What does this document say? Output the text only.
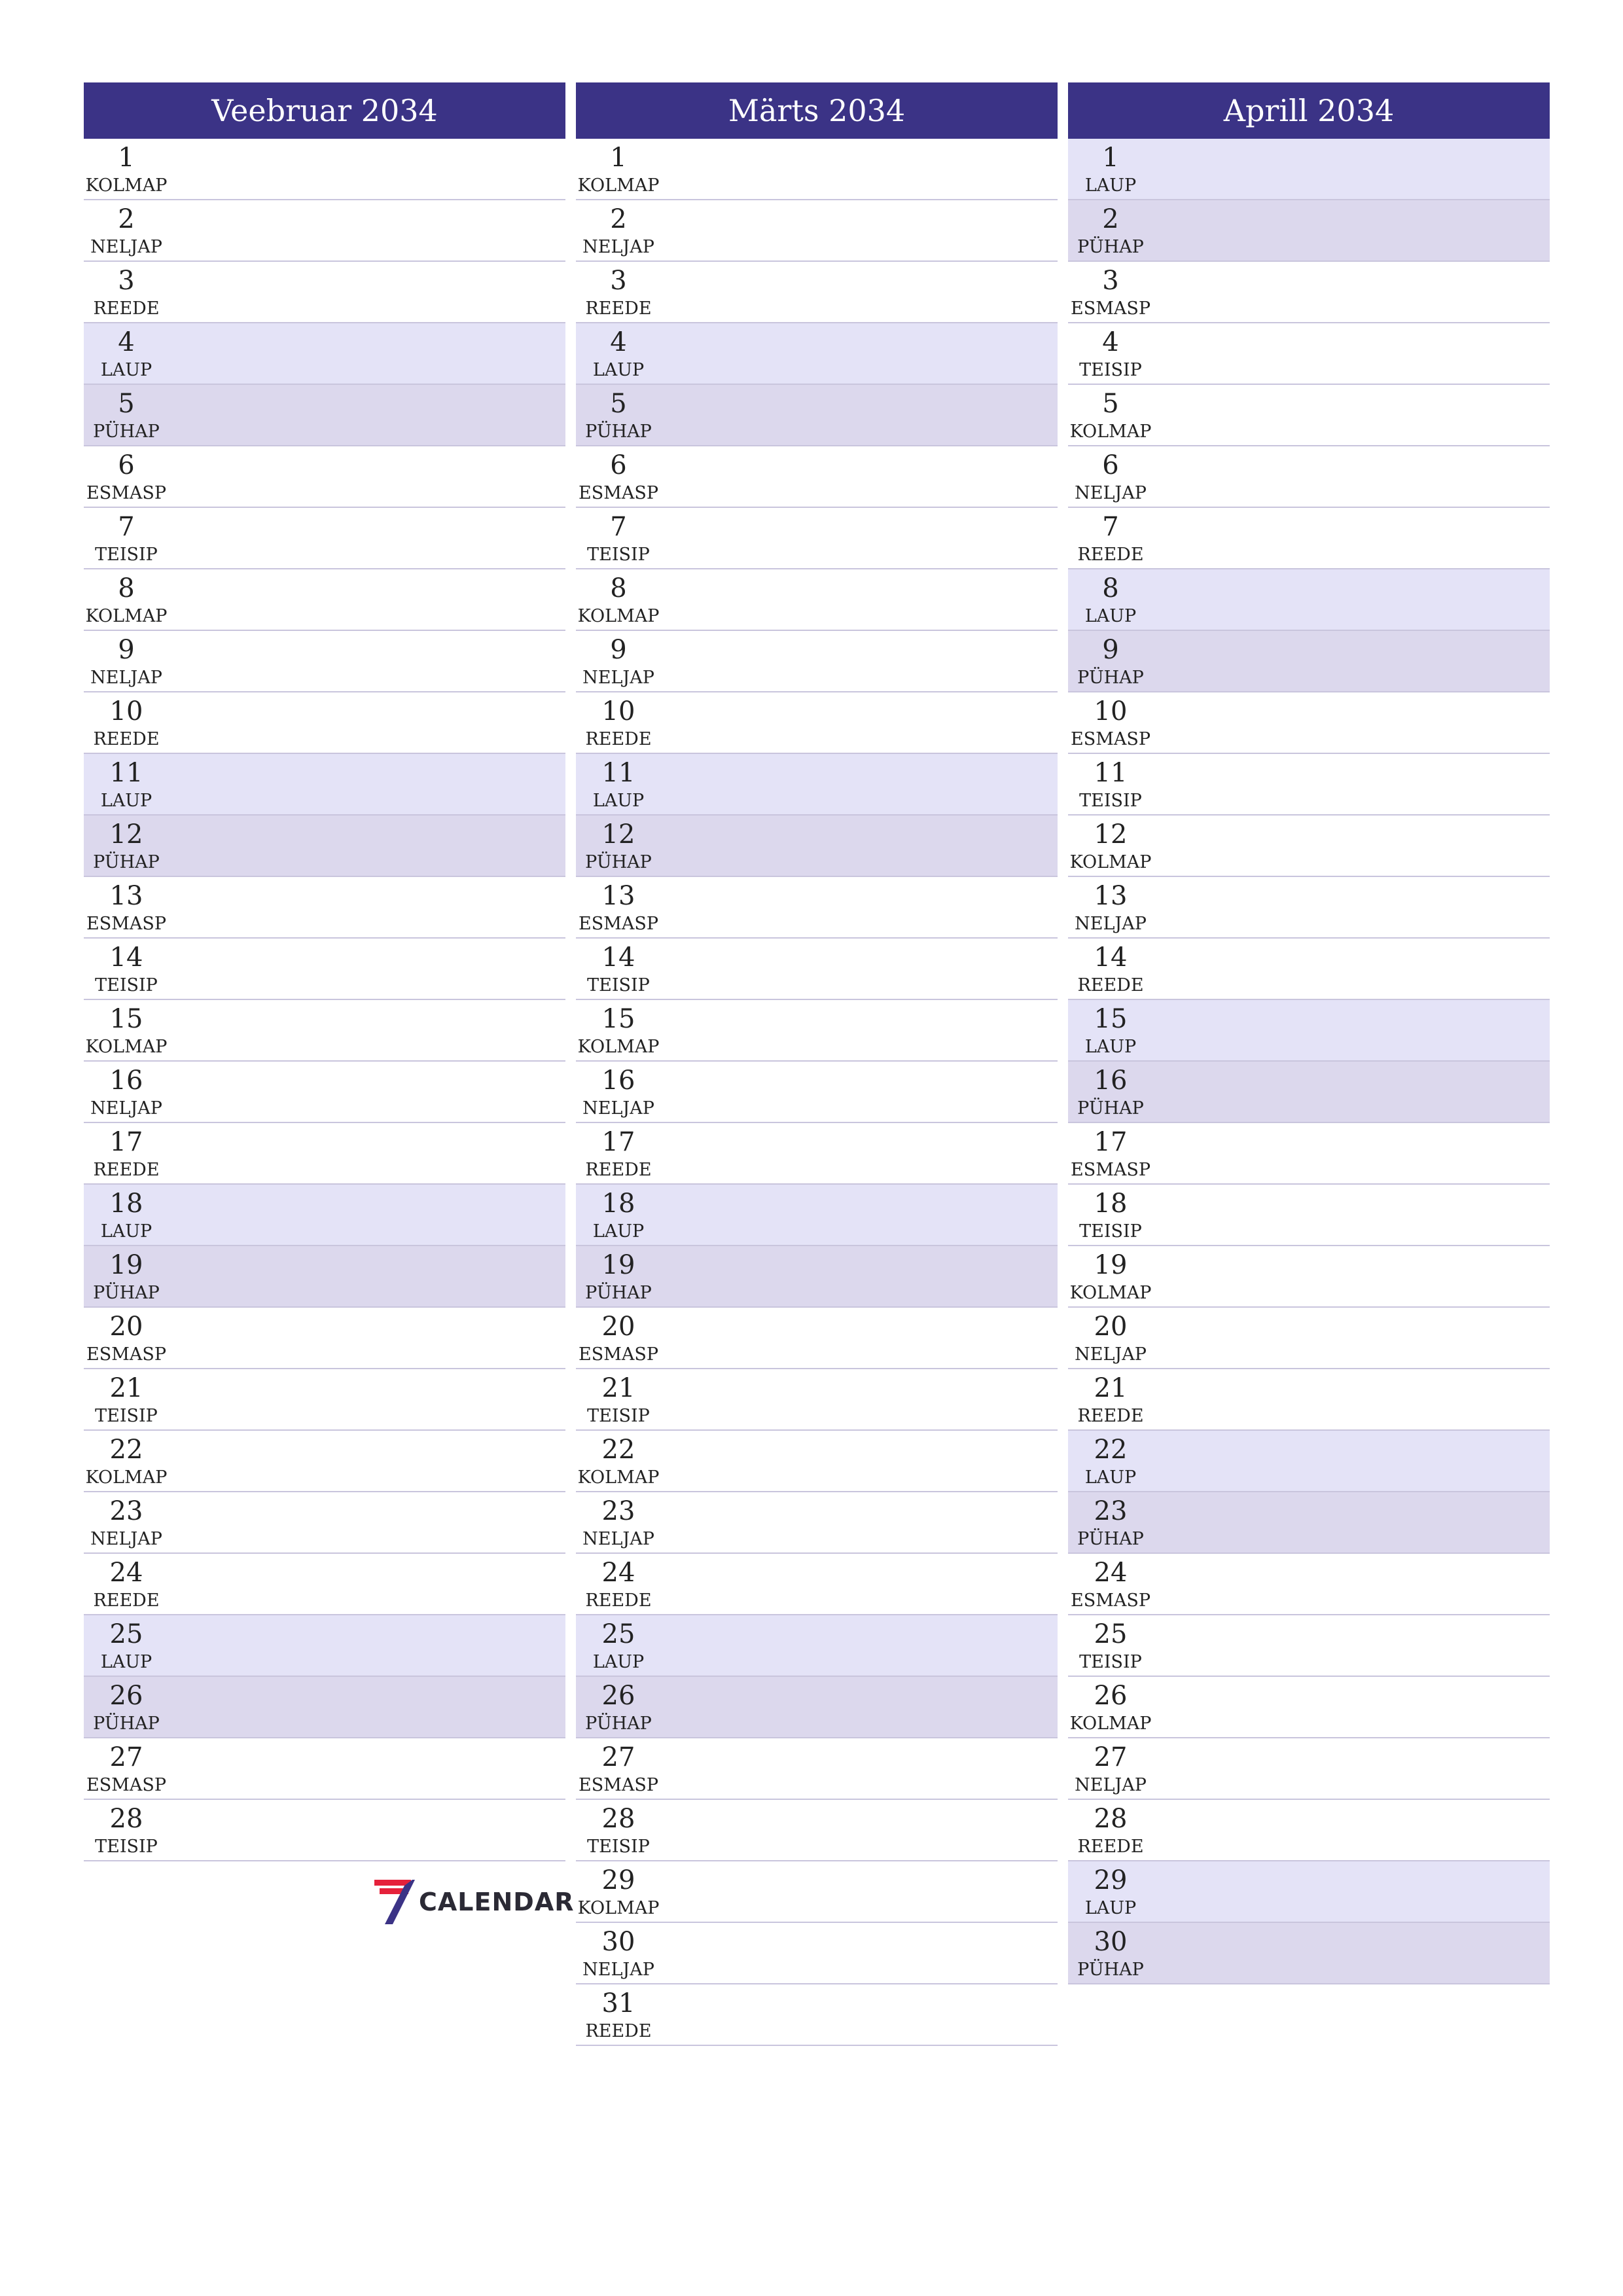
Veebruar 2034
1
KOLMAP
2
NELJAP
3
REEDE
4
LAUP
5
PÜHAP
6
ESMASP
7
TEISIP
8
KOLMAP
9
NELJAP
10
REEDE
11
LAUP
12
PÜHAP
13
ESMASP
14
TEISIP
15
KOLMAP
16
NELJAP
17
REEDE
18
LAUP
19
PÜHAP
20
ESMASP
21
TEISIP
22
KOLMAP
23
NELJAP
24
REEDE
25
LAUP
26
PÜHAP
27
ESMASP
28
TEISIP
Märts 2034
1
KOLMAP
2
NELJAP
3
REEDE
4
LAUP
5
PÜHAP
6
ESMASP
7
TEISIP
8
KOLMAP
9
NELJAP
10
REEDE
11
LAUP
12
PÜHAP
13
ESMASP
14
TEISIP
15
KOLMAP
16
NELJAP
17
REEDE
18
LAUP
19
PÜHAP
20
ESMASP
21
TEISIP
22
KOLMAP
23
NELJAP
24
REEDE
25
LAUP
26
PÜHAP
27
ESMASP
28
TEISIP
29
KOLMAP
30
NELJAP
31
REEDE
Aprill 2034
1
LAUP
2
PÜHAP
3
ESMASP
4
TEISIP
5
KOLMAP
6
NELJAP
7
REEDE
8
LAUP
9
PÜHAP
10
ESMASP
11
TEISIP
12
KOLMAP
13
NELJAP
14
REEDE
15
LAUP
16
PÜHAP
17
ESMASP
18
TEISIP
19
KOLMAP
20
NELJAP
21
REEDE
22
LAUP
23
PÜHAP
24
ESMASP
25
TEISIP
26
KOLMAP
27
NELJAP
28
REEDE
29
LAUP
30
PÜHAP
CALENDAR
